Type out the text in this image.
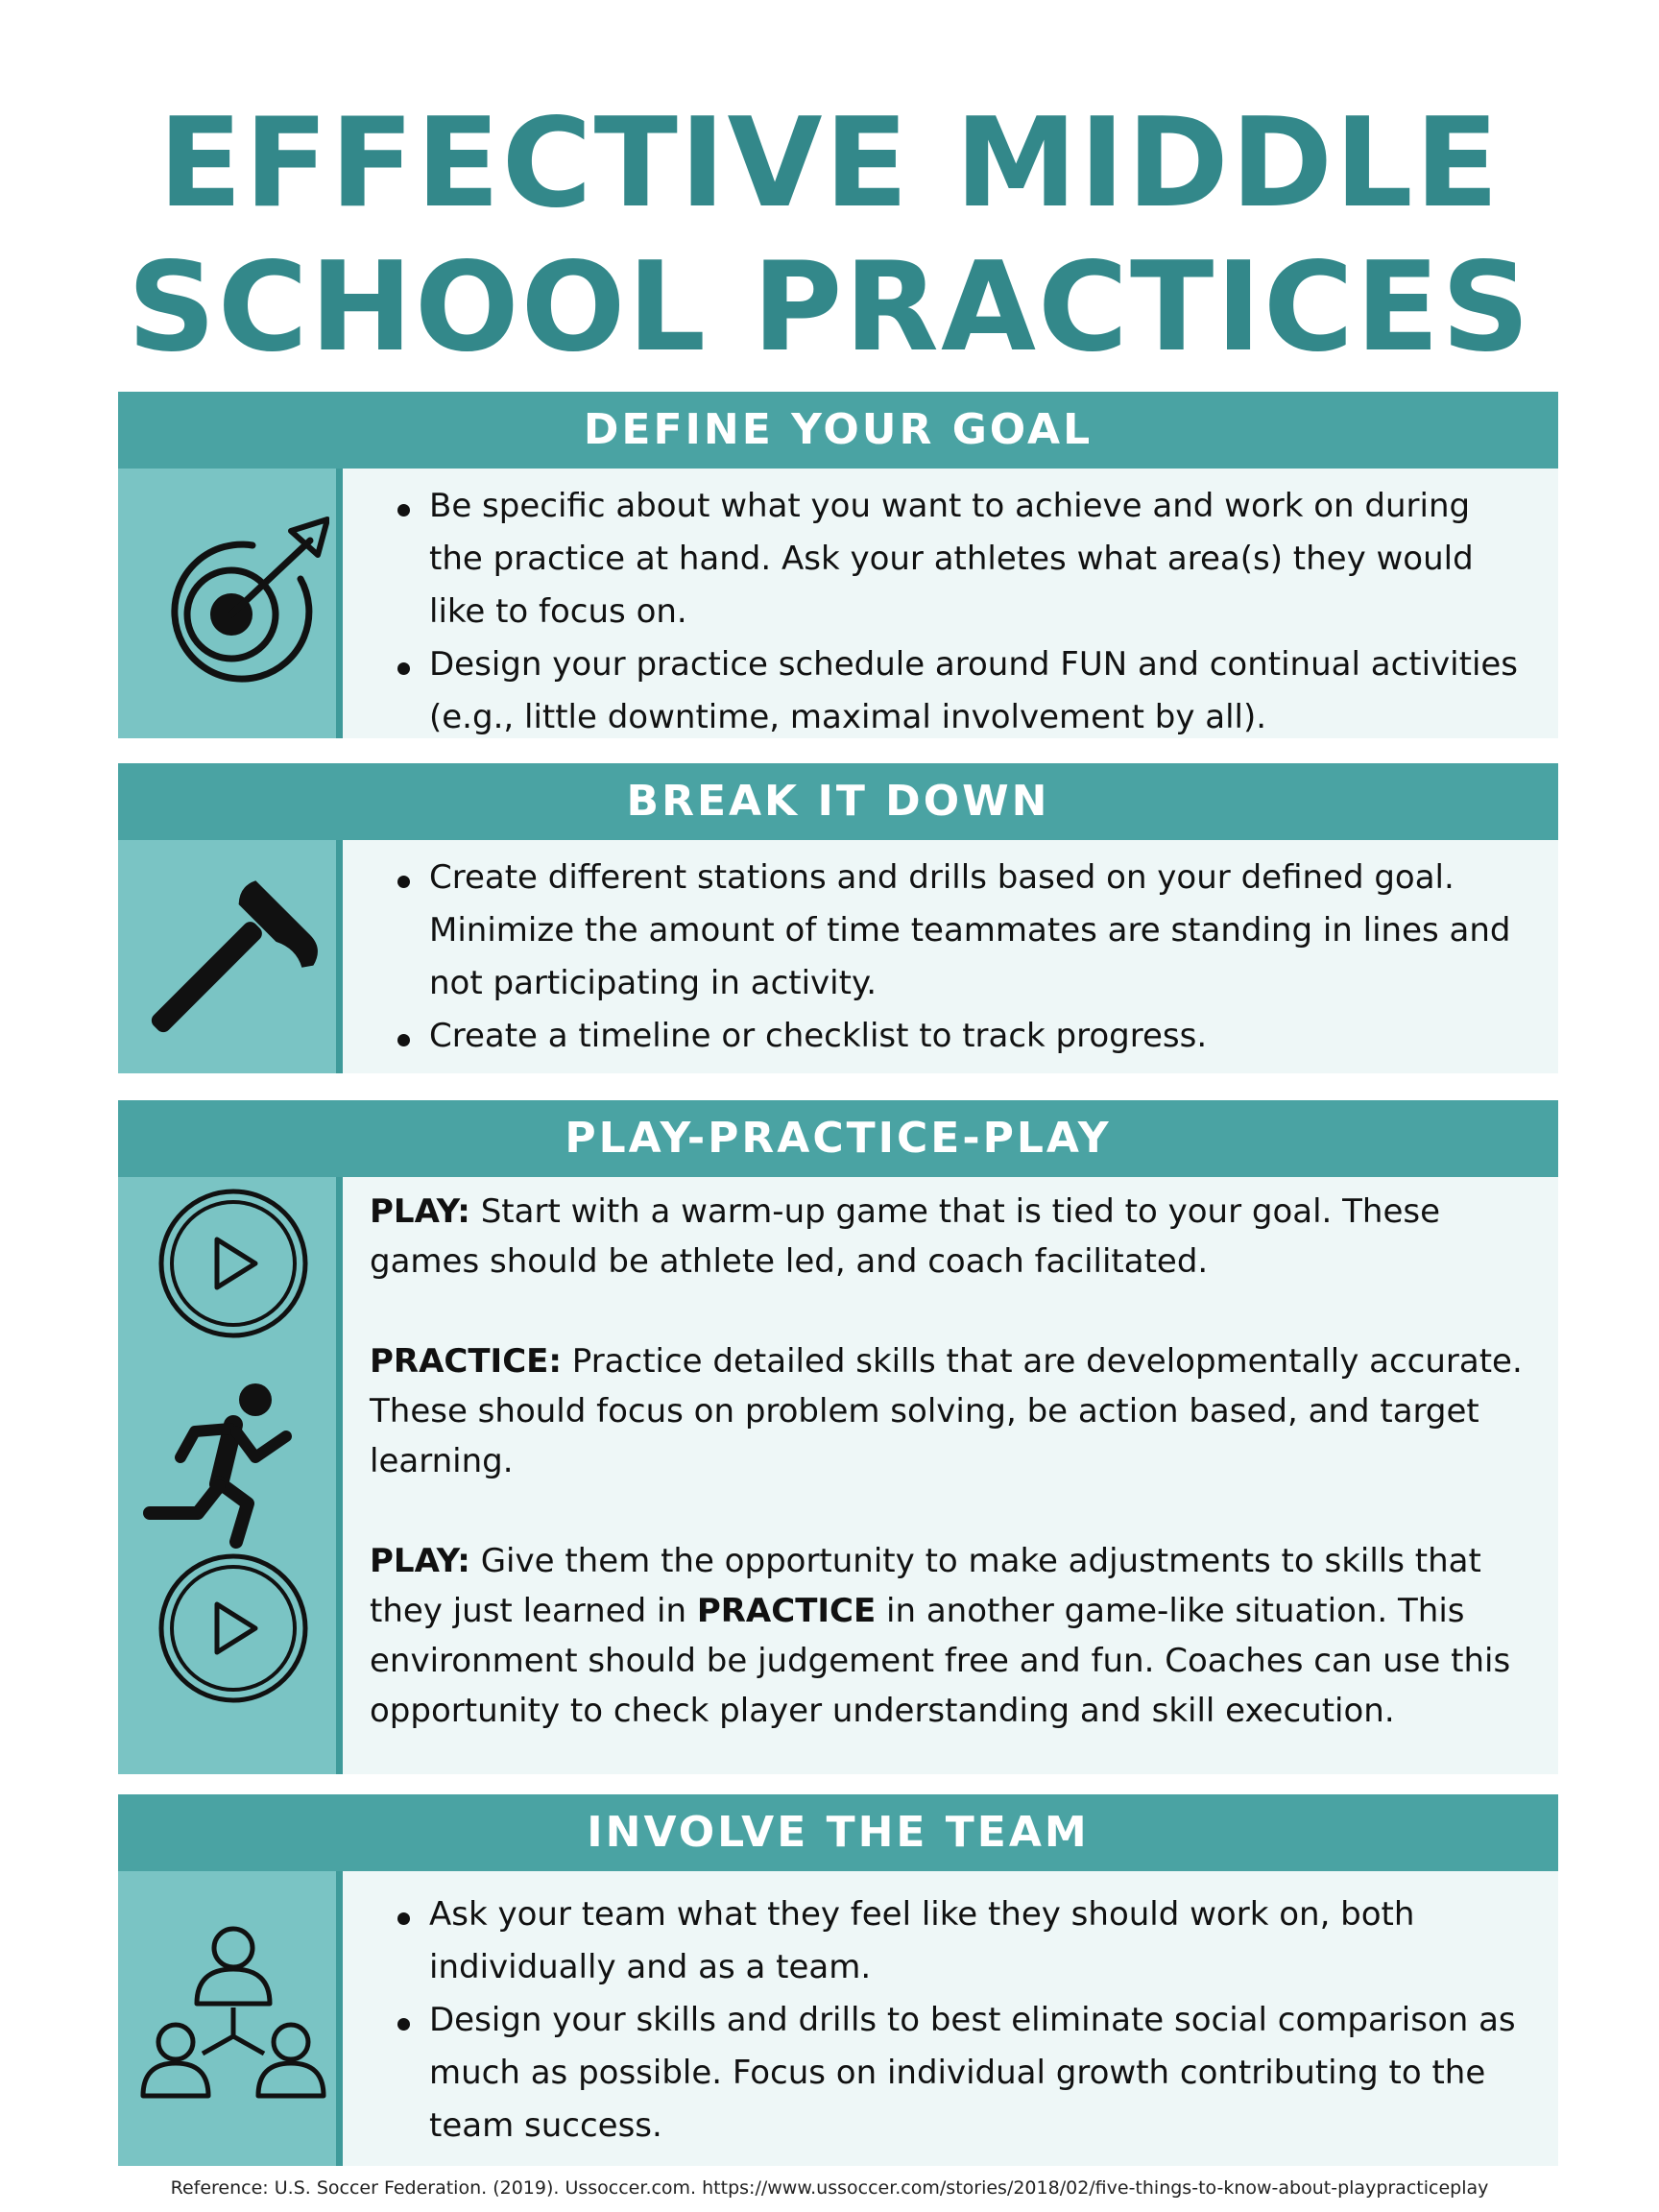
EFFECTIVE MIDDLE
SCHOOL PRACTICES
DEFINE YOUR GOAL
Be specific about what you want to achieve and work on during the practice at hand. Ask your athletes what area(s) they would like to focus on.
Design your practice schedule around FUN and continual activities (e.g., little downtime, maximal involvement by all).
BREAK IT DOWN
Create different stations and drills based on your defined goal. Minimize the amount of time teammates are standing in lines and not participating in activity.
Create a timeline or checklist to track progress.
PLAY-PRACTICE-PLAY

PLAY: Start with a warm-up game that is tied to your goal. These games should be athlete led, and coach facilitated.

PRACTICE: Practice detailed skills that are developmentally accurate. These should focus on problem solving, be action based, and target learning.

PLAY: Give them the opportunity to make adjustments to skills that they just learned in PRACTICE in another game-like situation. This environment should be judgement free and fun. Coaches can use this opportunity to check player understanding and skill execution.

INVOLVE THE TEAM
Ask your team what they feel like they should work on, both individually and as a team.
Design your skills and drills to best eliminate social comparison as much as possible. Focus on individual growth contributing to the team success.
Reference: U.S. Soccer Federation. (2019). Ussoccer.com. https://www.ussoccer.com/stories/2018/02/five-things-to-know-about-playpracticeplay
